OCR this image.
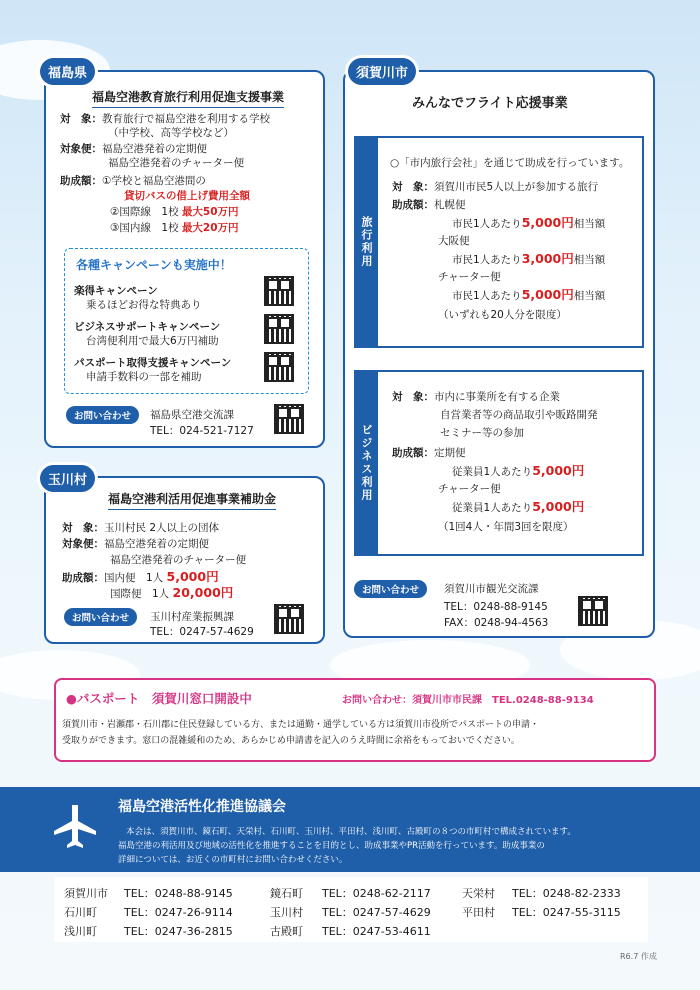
福島県
福島空港教育旅行利用促進支援事業
対　象：教育旅行で福島空港を利用する学校
（中学校、高等学校など）
対象便：福島空港発着の定期便
福島空港発着のチャーター便
助成額：①学校と福島空港間の
貸切バスの借上げ費用全額
②国際線　1校 最大50万円
③国内線　1校 最大20万円
各種キャンペーンも実施中！
楽得キャンペーン
乗るほどお得な特典あり
ビジネスサポートキャンペーン
台湾便利用で最大6万円補助
パスポート取得支援キャンペーン
申請手数料の一部を補助
お問い合わせ	福島県空港交流課
TEL：024-521-7127
玉川村
福島空港利活用促進事業補助金
対　象：玉川村民 2人以上の団体
対象便：福島空港発着の定期便
福島空港発着のチャーター便
助成額：国内便　1人 5,000円
国際便　1人 20,000円
お問い合わせ	玉川村産業振興課
TEL：0247-57-4629
須賀川市
みんなでフライト応援事業
旅行利用
○「市内旅行会社」を通じて助成を行っています。
対　象：須賀川市民5人以上が参加する旅行
助成額：札幌便
市民1人あたり5,000円相当額
大阪便
市民1人あたり3,000円相当額
チャーター便
市民1人あたり5,000円相当額
（いずれも20人分を限度）
ビジネス利用
対　象：市内に事業所を有する企業
自営業者等の商品取引や販路開発
セミナー等の参加
助成額：定期便
従業員1人あたり5,000円
チャーター便
従業員1人あたり5,000円
（1回4人・年間3回を限度）
お問い合わせ	須賀川市観光交流課
TEL：0248-88-9145
FAX：0248-94-4563
●パスポート　須賀川窓口開設中	お問い合わせ：須賀川市市民課　TEL.0248-88-9134
須賀川市・岩瀬郡・石川郡に住民登録している方、または通勤・通学している方は須賀川市役所でパスポートの申請・
受取りができます。窓口の混雑緩和のため、あらかじめ申請書を記入のうえ時間に余裕をもっておいでください。
福島空港活性化推進協議会
本会は、須賀川市、鏡石町、天栄村、石川町、玉川村、平田村、浅川町、古殿町の８つの市町村で構成されています。
福島空港の利活用及び地域の活性化を推進することを目的とし、助成事業やPR活動を行っています。助成事業の
詳細については、お近くの市町村にお問い合わせください。
須賀川市 TEL：0248-88-9145	鏡石町 TEL：0248-62-2117	天栄村 TEL：0248-82-2333
石川町 TEL：0247-26-9114	玉川村 TEL：0247-57-4629	平田村 TEL：0247-55-3115
浅川町 TEL：0247-36-2815	古殿町 TEL：0247-53-4611
R6.7 作成
